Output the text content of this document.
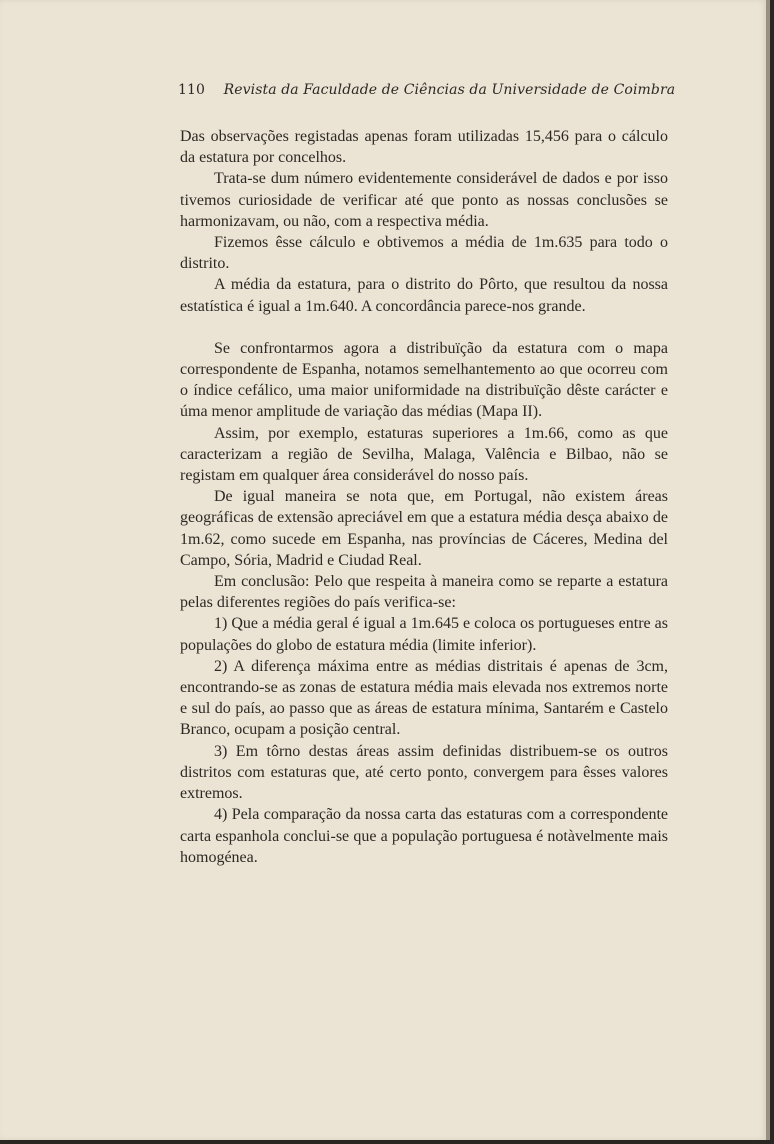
110 Revista da Faculdade de Ciências da Universidade de Coimbra

Das observações registadas apenas foram utilizadas 15,456 para o cálculo da estatura por concelhos.

Trata-se dum número evidentemente considerável de dados e por isso tivemos curiosidade de verificar até que ponto as nossas conclusões se harmonizavam, ou não, com a respectiva média.

Fizemos êsse cálculo e obtivemos a média de 1m.635 para todo o distrito.

A média da estatura, para o distrito do Pôrto, que resultou da nossa estatística é igual a 1m.640. A concordância parece-nos grande.

Se confrontarmos agora a distribuïção da estatura com o mapa correspondente de Espanha, notamos semelhantemento ao que ocorreu com o índice cefálico, uma maior uniformidade na distribuïção dêste carácter e úma menor amplitude de variação das médias (Mapa II).

Assim, por exemplo, estaturas superiores a 1m.66, como as que caracterizam a região de Sevilha, Malaga, Valência e Bilbao, não se registam em qualquer área considerável do nosso país.

De igual maneira se nota que, em Portugal, não existem áreas geográficas de extensão apreciável em que a estatura média desça abaixo de 1m.62, como sucede em Espanha, nas províncias de Cáceres, Medina del Campo, Sória, Madrid e Ciudad Real.

Em conclusão: Pelo que respeita à maneira como se reparte a estatura pelas diferentes regiões do país verifica-se:

1) Que a média geral é igual a 1m.645 e coloca os portugueses entre as populações do globo de estatura média (limite inferior).

2) A diferença máxima entre as médias distritais é apenas de 3cm, encontrando-se as zonas de estatura média mais elevada nos extremos norte e sul do país, ao passo que as áreas de estatura mínima, Santarém e Castelo Branco, ocupam a posição central.

3) Em tôrno destas áreas assim definidas distribuem-se os outros distritos com estaturas que, até certo ponto, convergem para êsses valores extremos.

4) Pela comparação da nossa carta das estaturas com a correspondente carta espanhola conclui-se que a população portuguesa é notàvelmente mais homogénea.
